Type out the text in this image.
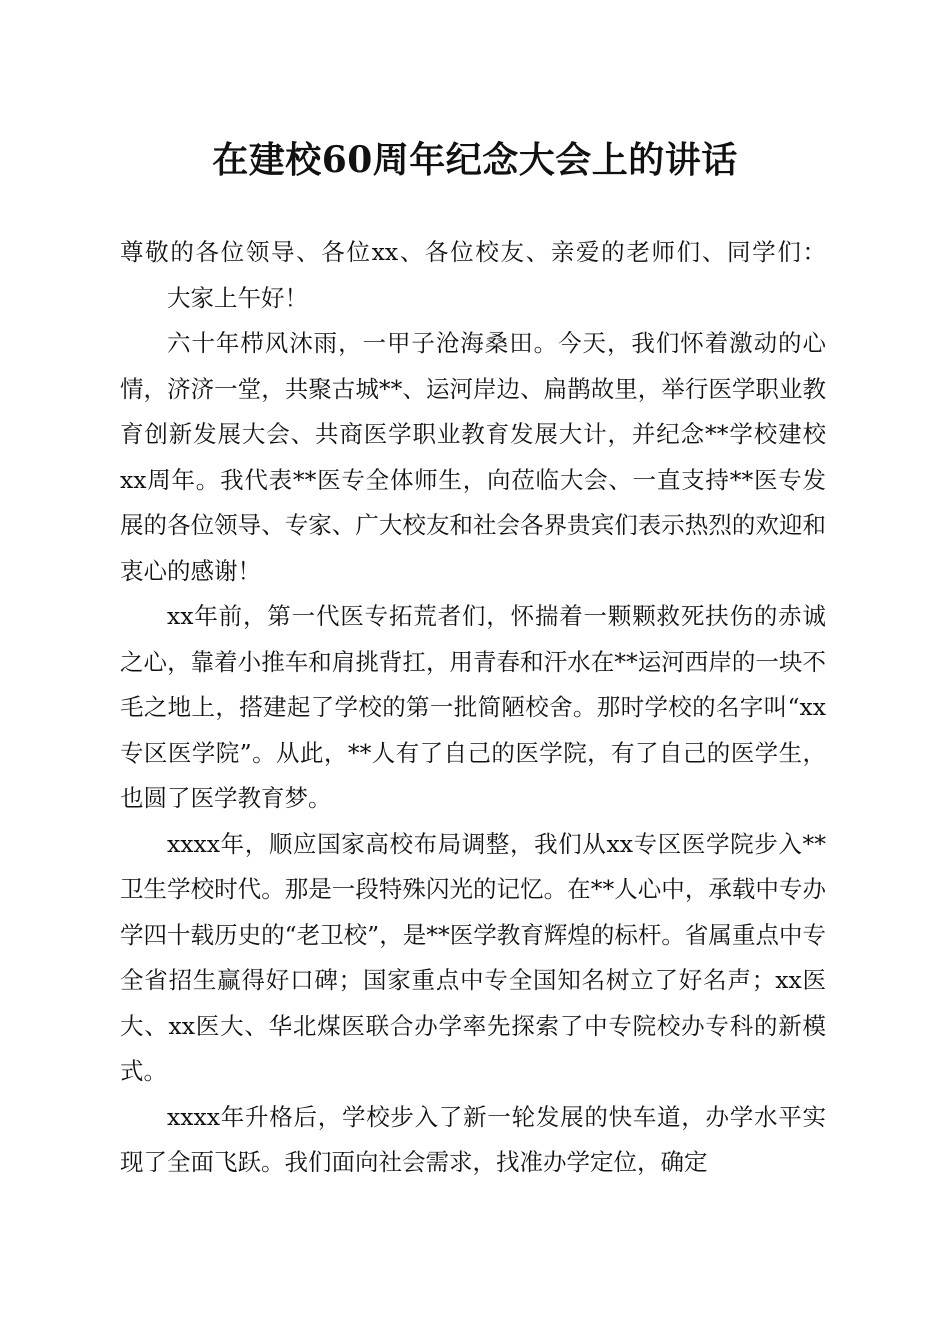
在建校60周年纪念大会上的讲话

尊敬的各位领导、各位xx、各位校友、亲爱的老师们、同学们：

大家上午好！

六十年栉风沐雨，一甲子沧海桑田。今天，我们怀着激动的心情，济济一堂，共聚古城**、运河岸边、扁鹊故里，举行医学职业教育创新发展大会、共商医学职业教育发展大计，并纪念**学校建校xx周年。我代表**医专全体师生，向莅临大会、一直支持**医专发展的各位领导、专家、广大校友和社会各界贵宾们表示热烈的欢迎和衷心的感谢！

xx年前，第一代医专拓荒者们，怀揣着一颗颗救死扶伤的赤诚之心，靠着小推车和肩挑背扛，用青春和汗水在**运河西岸的一块不毛之地上，搭建起了学校的第一批简陋校舍。那时学校的名字叫“xx专区医学院”。从此，**人有了自己的医学院，有了自己的医学生，也圆了医学教育梦。

xxxx年，顺应国家高校布局调整，我们从xx专区医学院步入**卫生学校时代。那是一段特殊闪光的记忆。在**人心中，承载中专办学四十载历史的“老卫校”，是**医学教育辉煌的标杆。省属重点中专全省招生赢得好口碑；国家重点中专全国知名树立了好名声；xx医大、xx医大、华北煤医联合办学率先探索了中专院校办专科的新模式。

xxxx年升格后，学校步入了新一轮发展的快车道，办学水平实现了全面飞跃。我们面向社会需求，找准办学定位，确定
